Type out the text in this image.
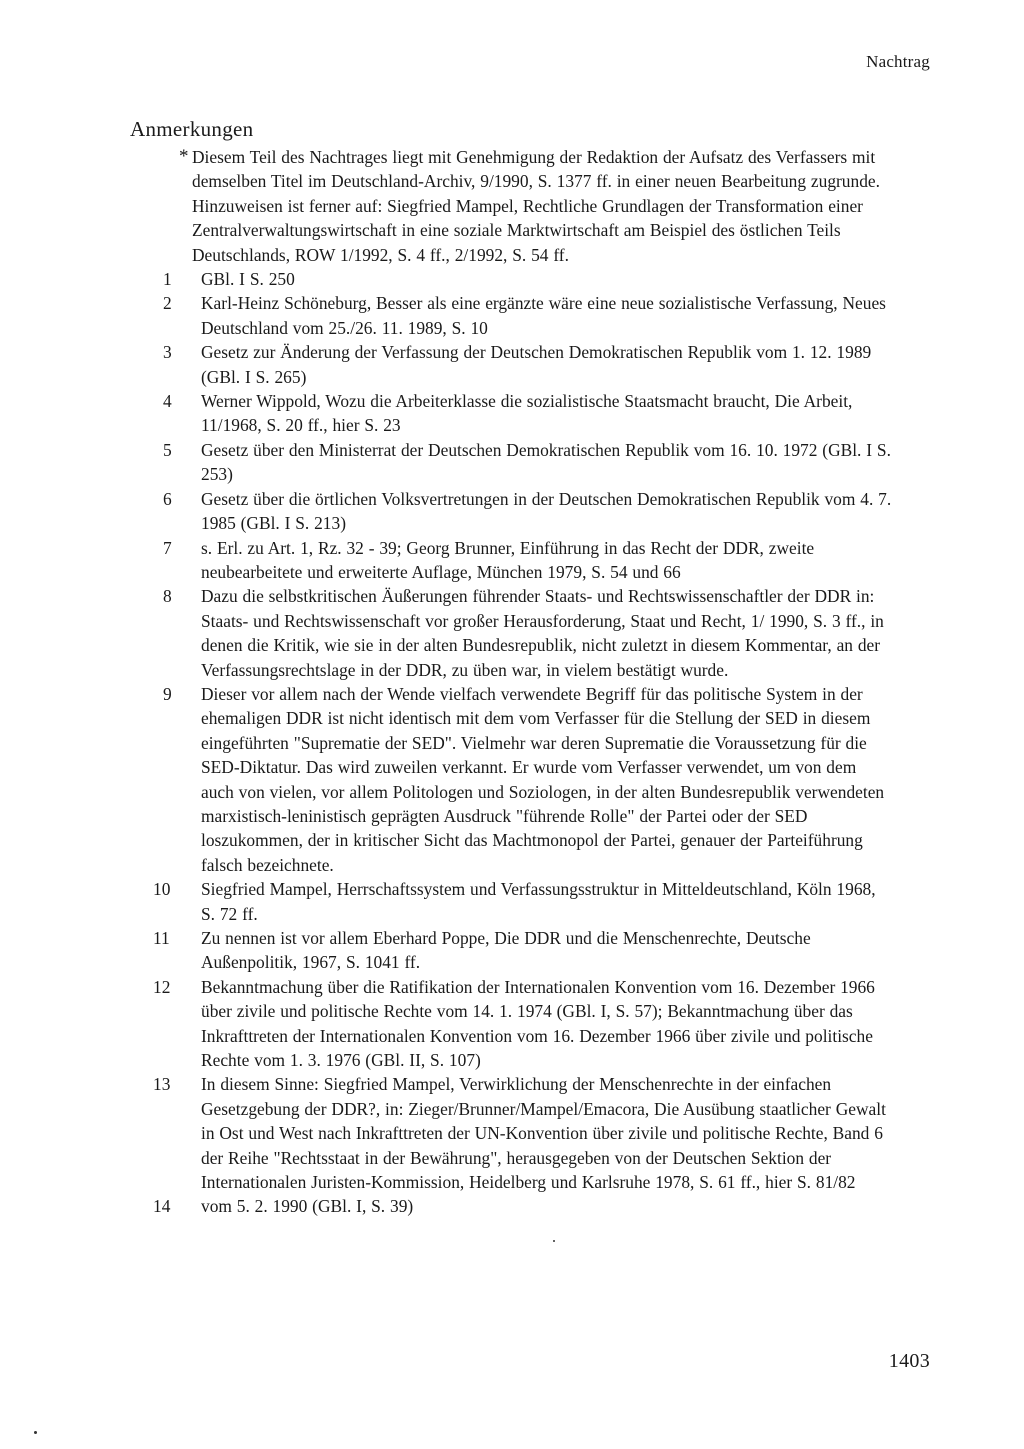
Nachtrag
Anmerkungen
* Diesem Teil des Nachtrages liegt mit Genehmigung der Redaktion der Aufsatz des Verfassers mit demselben Titel im Deutschland-Archiv, 9/1990, S. 1377 ff. in einer neuen Bearbeitung zugrunde. Hinzuweisen ist ferner auf: Siegfried Mampel, Rechtliche Grundlagen der Transformation einer Zentralverwaltungswirtschaft in eine soziale Marktwirtschaft am Beispiel des östlichen Teils Deutschlands, ROW 1/1992, S. 4 ff., 2/1992, S. 54 ff.
1	GBl. I S. 250
2	Karl-Heinz Schöneburg, Besser als eine ergänzte wäre eine neue sozialistische Verfassung, Neues Deutschland vom 25./26. 11. 1989, S. 10
3	Gesetz zur Änderung der Verfassung der Deutschen Demokratischen Republik vom 1. 12. 1989 (GBl. I S. 265)
4	Werner Wippold, Wozu die Arbeiterklasse die sozialistische Staatsmacht braucht, Die Arbeit, 11/1968, S. 20 ff., hier S. 23
5	Gesetz über den Ministerrat der Deutschen Demokratischen Republik vom 16. 10. 1972 (GBl. I S. 253)
6	Gesetz über die örtlichen Volksvertretungen in der Deutschen Demokratischen Republik vom 4. 7. 1985 (GBl. I S. 213)
7	s. Erl. zu Art. 1, Rz. 32 - 39; Georg Brunner, Einführung in das Recht der DDR, zweite neubearbeitete und erweiterte Auflage, München 1979, S. 54 und 66
8	Dazu die selbstkritischen Äußerungen führender Staats- und Rechtswissenschaftler der DDR in: Staats- und Rechtswissenschaft vor großer Herausforderung, Staat und Recht, 1/ 1990, S. 3 ff., in denen die Kritik, wie sie in der alten Bundesrepublik, nicht zuletzt in diesem Kommentar, an der Verfassungsrechtslage in der DDR, zu üben war, in vielem bestätigt wurde.
9	Dieser vor allem nach der Wende vielfach verwendete Begriff für das politische System in der ehemaligen DDR ist nicht identisch mit dem vom Verfasser für die Stellung der SED in diesem eingeführten "Suprematie der SED". Vielmehr war deren Suprematie die Voraussetzung für die SED-Diktatur. Das wird zuweilen verkannt. Er wurde vom Verfasser verwendet, um von dem auch von vielen, vor allem Politologen und Soziologen, in der alten Bundesrepublik verwendeten marxistisch-leninistisch geprägten Ausdruck "führende Rolle" der Partei oder der SED loszukommen, der in kritischer Sicht das Machtmonopol der Partei, genauer der Parteiführung falsch bezeichnete.
10	Siegfried Mampel, Herrschaftssystem und Verfassungsstruktur in Mitteldeutschland, Köln 1968, S. 72 ff.
11	Zu nennen ist vor allem Eberhard Poppe, Die DDR und die Menschenrechte, Deutsche Außenpolitik, 1967, S. 1041 ff.
12	Bekanntmachung über die Ratifikation der Internationalen Konvention vom 16. Dezember 1966 über zivile und politische Rechte vom 14. 1. 1974 (GBl. I, S. 57); Bekanntmachung über das Inkrafttreten der Internationalen Konvention vom 16. Dezember 1966 über zivile und politische Rechte vom 1. 3. 1976 (GBl. II, S. 107)
13	In diesem Sinne: Siegfried Mampel, Verwirklichung der Menschenrechte in der einfachen Gesetzgebung der DDR?, in: Zieger/Brunner/Mampel/Emacora, Die Ausübung staatlicher Gewalt in Ost und West nach Inkrafttreten der UN-Konvention über zivile und politische Rechte, Band 6 der Reihe "Rechtsstaat in der Bewährung", herausgegeben von der Deutschen Sektion der Internationalen Juristen-Kommission, Heidelberg und Karlsruhe 1978, S. 61 ff., hier S. 81/82
14	vom 5. 2. 1990 (GBl. I, S. 39)
1403
